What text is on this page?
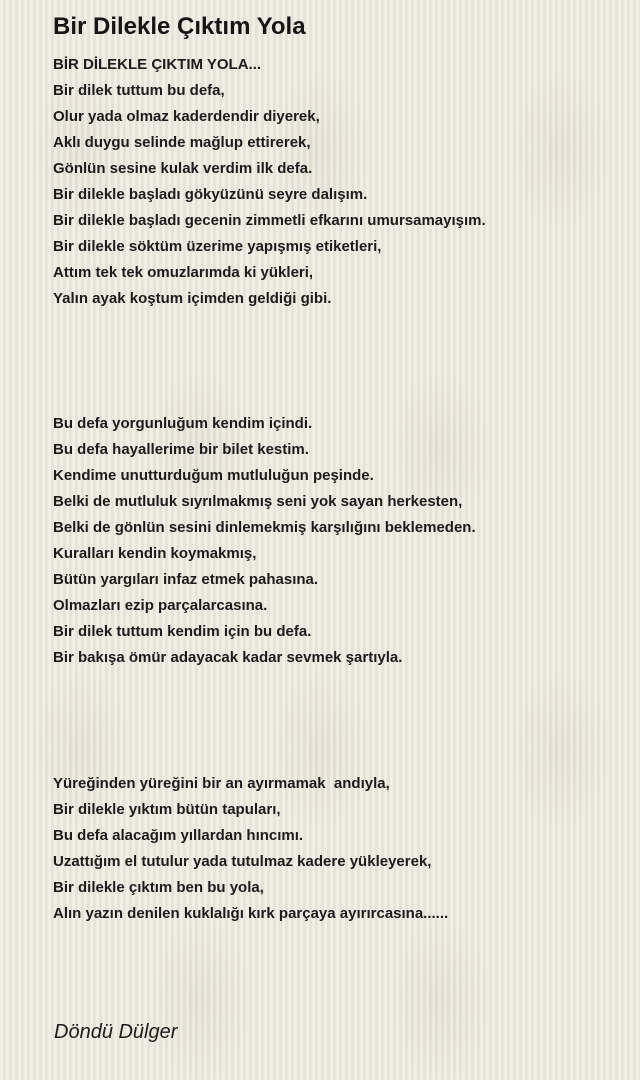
Bir Dilekle Çıktım Yola
BİR DİLEKLE ÇIKTIM YOLA...
Bir dilek tuttum bu defa,
Olur yada olmaz kaderdendir diyerek,
Aklı duygu selinde mağlup ettirerek,
Gönlün sesine kulak verdim ilk defa.
Bir dilekle başladı gökyüzünü seyre dalışım.
Bir dilekle başladı gecenin zimmetli efkarını umursamayışım.
Bir dilekle söktüm üzerime yapışmış etiketleri,
Attım tek tek omuzlarımda ki yükleri,
Yalın ayak koştum içimden geldiği gibi.
Bu defa yorgunluğum kendim içindi.
Bu defa hayallerime bir bilet kestim.
Kendime unutturduğum mutluluğun peşinde.
Belki de mutluluk sıyrılmakmış seni yok sayan herkesten,
Belki de gönlün sesini dinlemekmiş karşılığını beklemeden.
Kuralları kendin koymakmış,
Bütün yargıları infaz etmek pahasına.
Olmazları ezip parçalarcasına.
Bir dilek tuttum kendim için bu defa.
Bir bakışa ömür adayacak kadar sevmek şartıyla.
Yüreğinden yüreğini bir an ayırmamak  andıyla,
Bir dilekle yıktım bütün tapuları,
Bu defa alacağım yıllardan hıncımı.
Uzattığım el tutulur yada tutulmaz kadere yükleyerek,
Bir dilekle çıktım ben bu yola,
Alın yazın denilen kuklalığı kırk parçaya ayırırcasına......
Döndü Dülger
